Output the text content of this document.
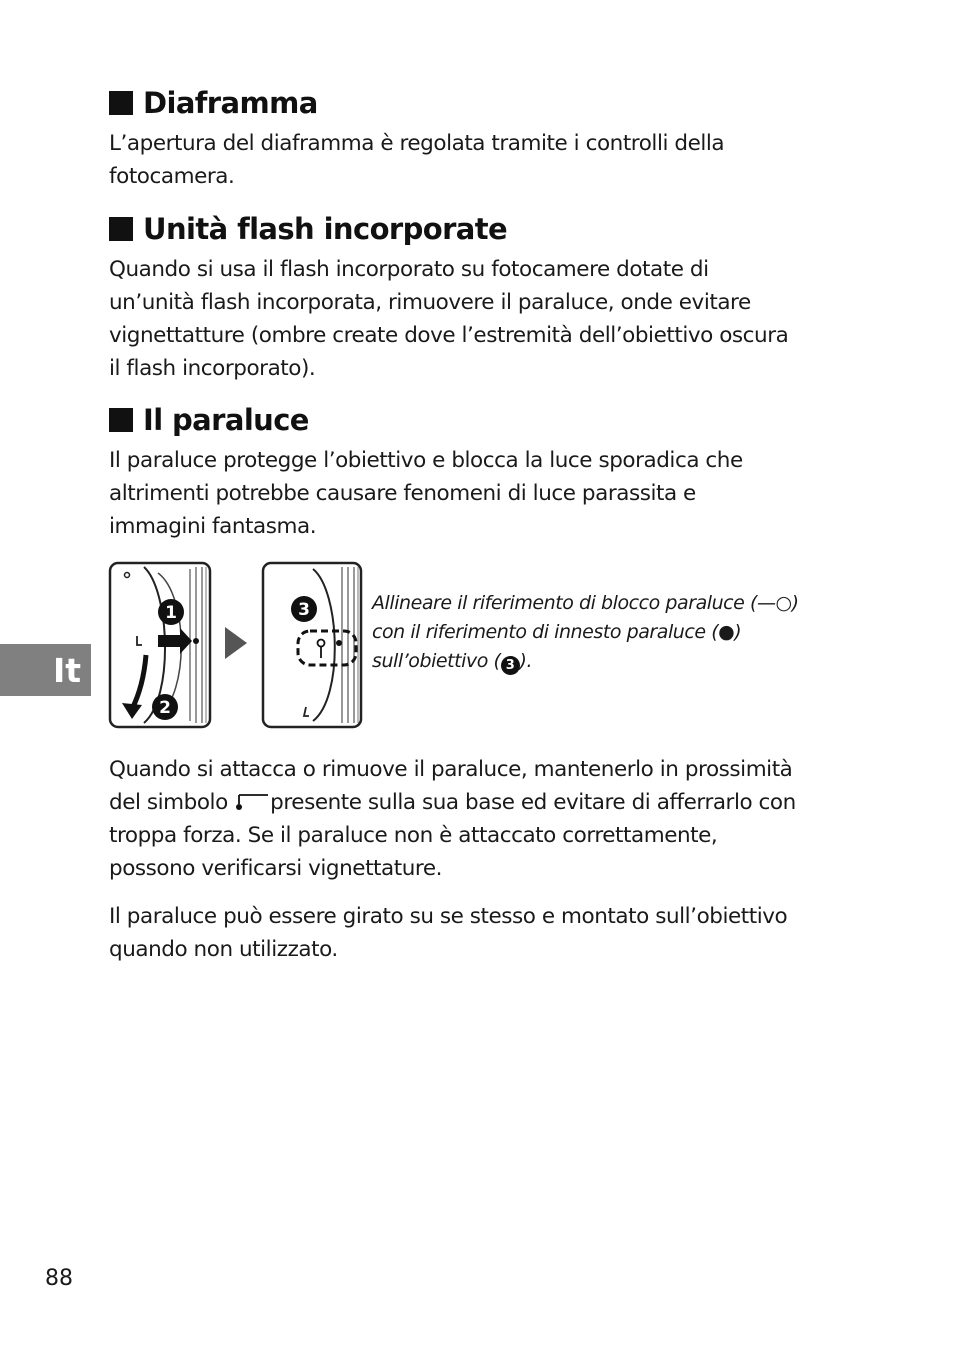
Diaframma

L’apertura del diaframma è regolata tramite i controlli della
fotocamera.

Unità flash incorporate

Quando si usa il flash incorporato su fotocamere dotate di
un’unità flash incorporata, rimuovere il paraluce, onde evitare
vignettatture (ombre create dove l’estremità dell’obiettivo oscura
il flash incorporato).

Il paraluce

Il paraluce protegge l’obiettivo e blocca la luce sporadica che
altrimenti potrebbe causare fenomeni di luce parassita e
immagini fantasma.

1
2
3	Allineare il riferimento di blocco paraluce (—○)
con il riferimento di innesto paraluce (●)
sull’obiettivo ( 3 ).

Quando si attacca o rimuove il paraluce, mantenerlo in prossimità
del simbolo presente sulla sua base ed evitare di afferrarlo con
troppa forza. Se il paraluce non è attaccato correttamente,
possono verificarsi vignettature.

Il paraluce può essere girato su se stesso e montato sull’obiettivo
quando non utilizzato.

It
88
